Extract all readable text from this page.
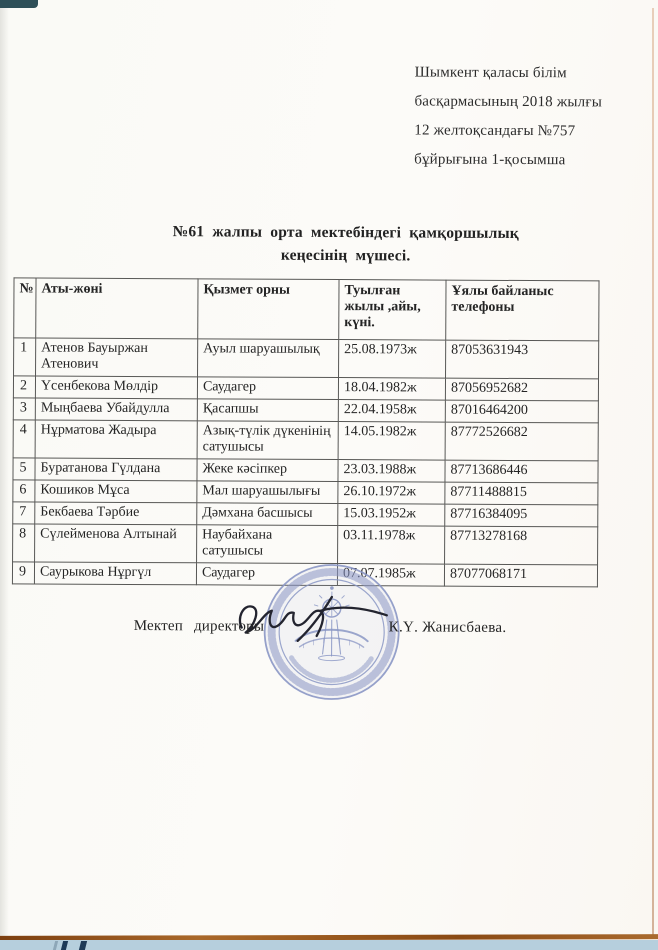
Шымкент қаласы білім
басқармасының 2018 жылғы
12 желтоқсандағы №757
бұйрығына 1-қосымша
№61 жалпы орта мектебіндегі қамқоршылық
кеңесінің мүшесі.
№	Аты-жөні	Қызмет орны	Туылған жылы ,айы, күні.	Ұялы байланыс телефоны
1	Атенов Бауыржан Атенович	Ауыл шаруашылық	25.08.1973ж	87053631943
2	Үсенбекова Мөлдір	Саудагер	18.04.1982ж	87056952682
3	Мыңбаева Убайдулла	Қасапшы	22.04.1958ж	87016464200
4	Нұрматова Жадыра	Азық-түлік дүкенінің сатушысы	14.05.1982ж	87772526682
5	Буратанова Гүлдана	Жеке кәсіпкер	23.03.1988ж	87713686446
6	Кошиков Мұса	Мал шаруашылығы	26.10.1972ж	87711488815
7	Бекбаева Тәрбие	Дәмхана басшысы	15.03.1952ж	87716384095
8	Сүлейменова Алтынай	Наубайхана сатушысы	03.11.1978ж	87713278168
9	Саурыкова Нұргүл	Саудагер	07.07.1985ж	87077068171
Мектеп директоры	К.Ү. Жанисбаева.
